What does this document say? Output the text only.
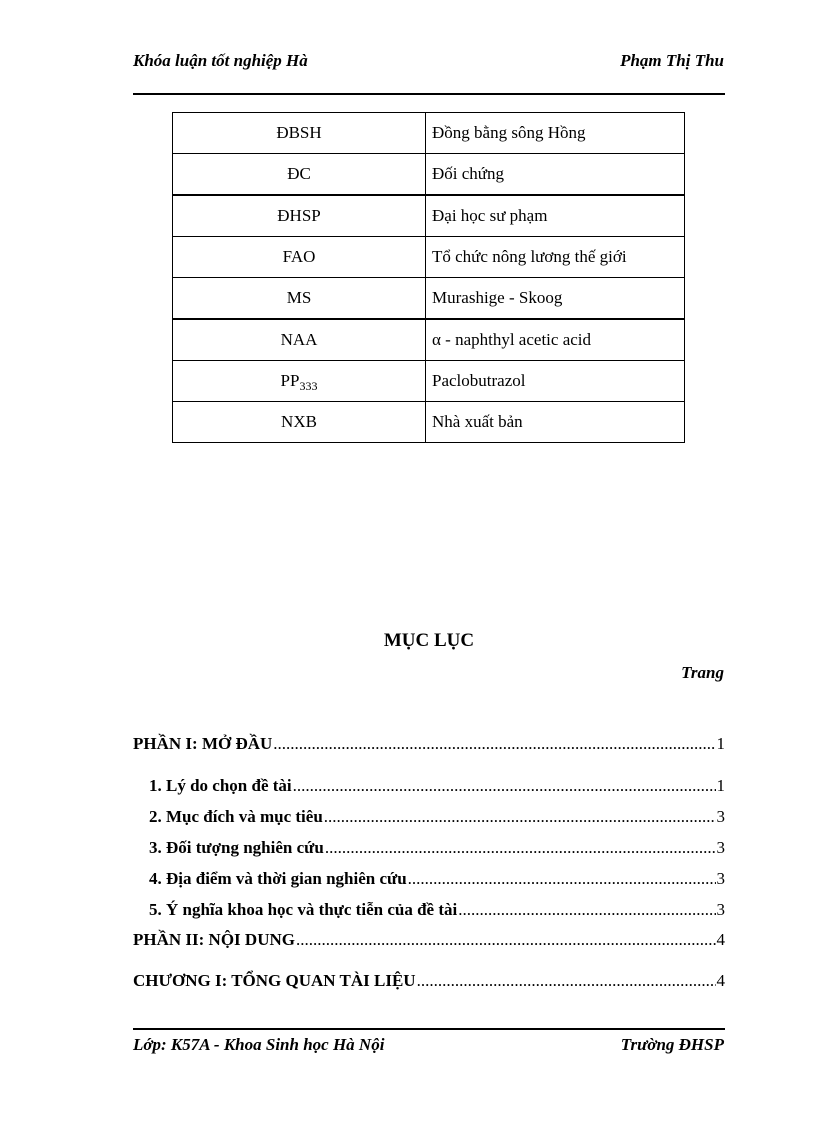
Khóa luận tốt nghiệp Hà	Phạm Thị Thu
ĐBSH	Đồng bằng sông Hồng
ĐC	Đối chứng
ĐHSP	Đại học sư phạm
FAO	Tổ chức nông lương thế giới
MS	Murashige - Skoog
NAA	α - naphthyl acetic acid
$PP_{333}$	Paclobutrazol
NXB	Nhà xuất bản
MỤC LỤC
Trang
PHẦN I: MỞ ĐẦU .....	1
1. Lý do chọn đề tài .....	1
2. Mục đích và mục tiêu .....	3
3. Đối tượng nghiên cứu .....	3
4. Địa điểm và thời gian nghiên cứu .....	3
5. Ý nghĩa khoa học và thực tiễn của đề tài .....	3
PHẦN II: NỘI DUNG .....	4
CHƯƠNG I: TỔNG QUAN TÀI LIỆU .....	4
Lớp: K57A - Khoa Sinh học Hà Nội	Trường ĐHSP
